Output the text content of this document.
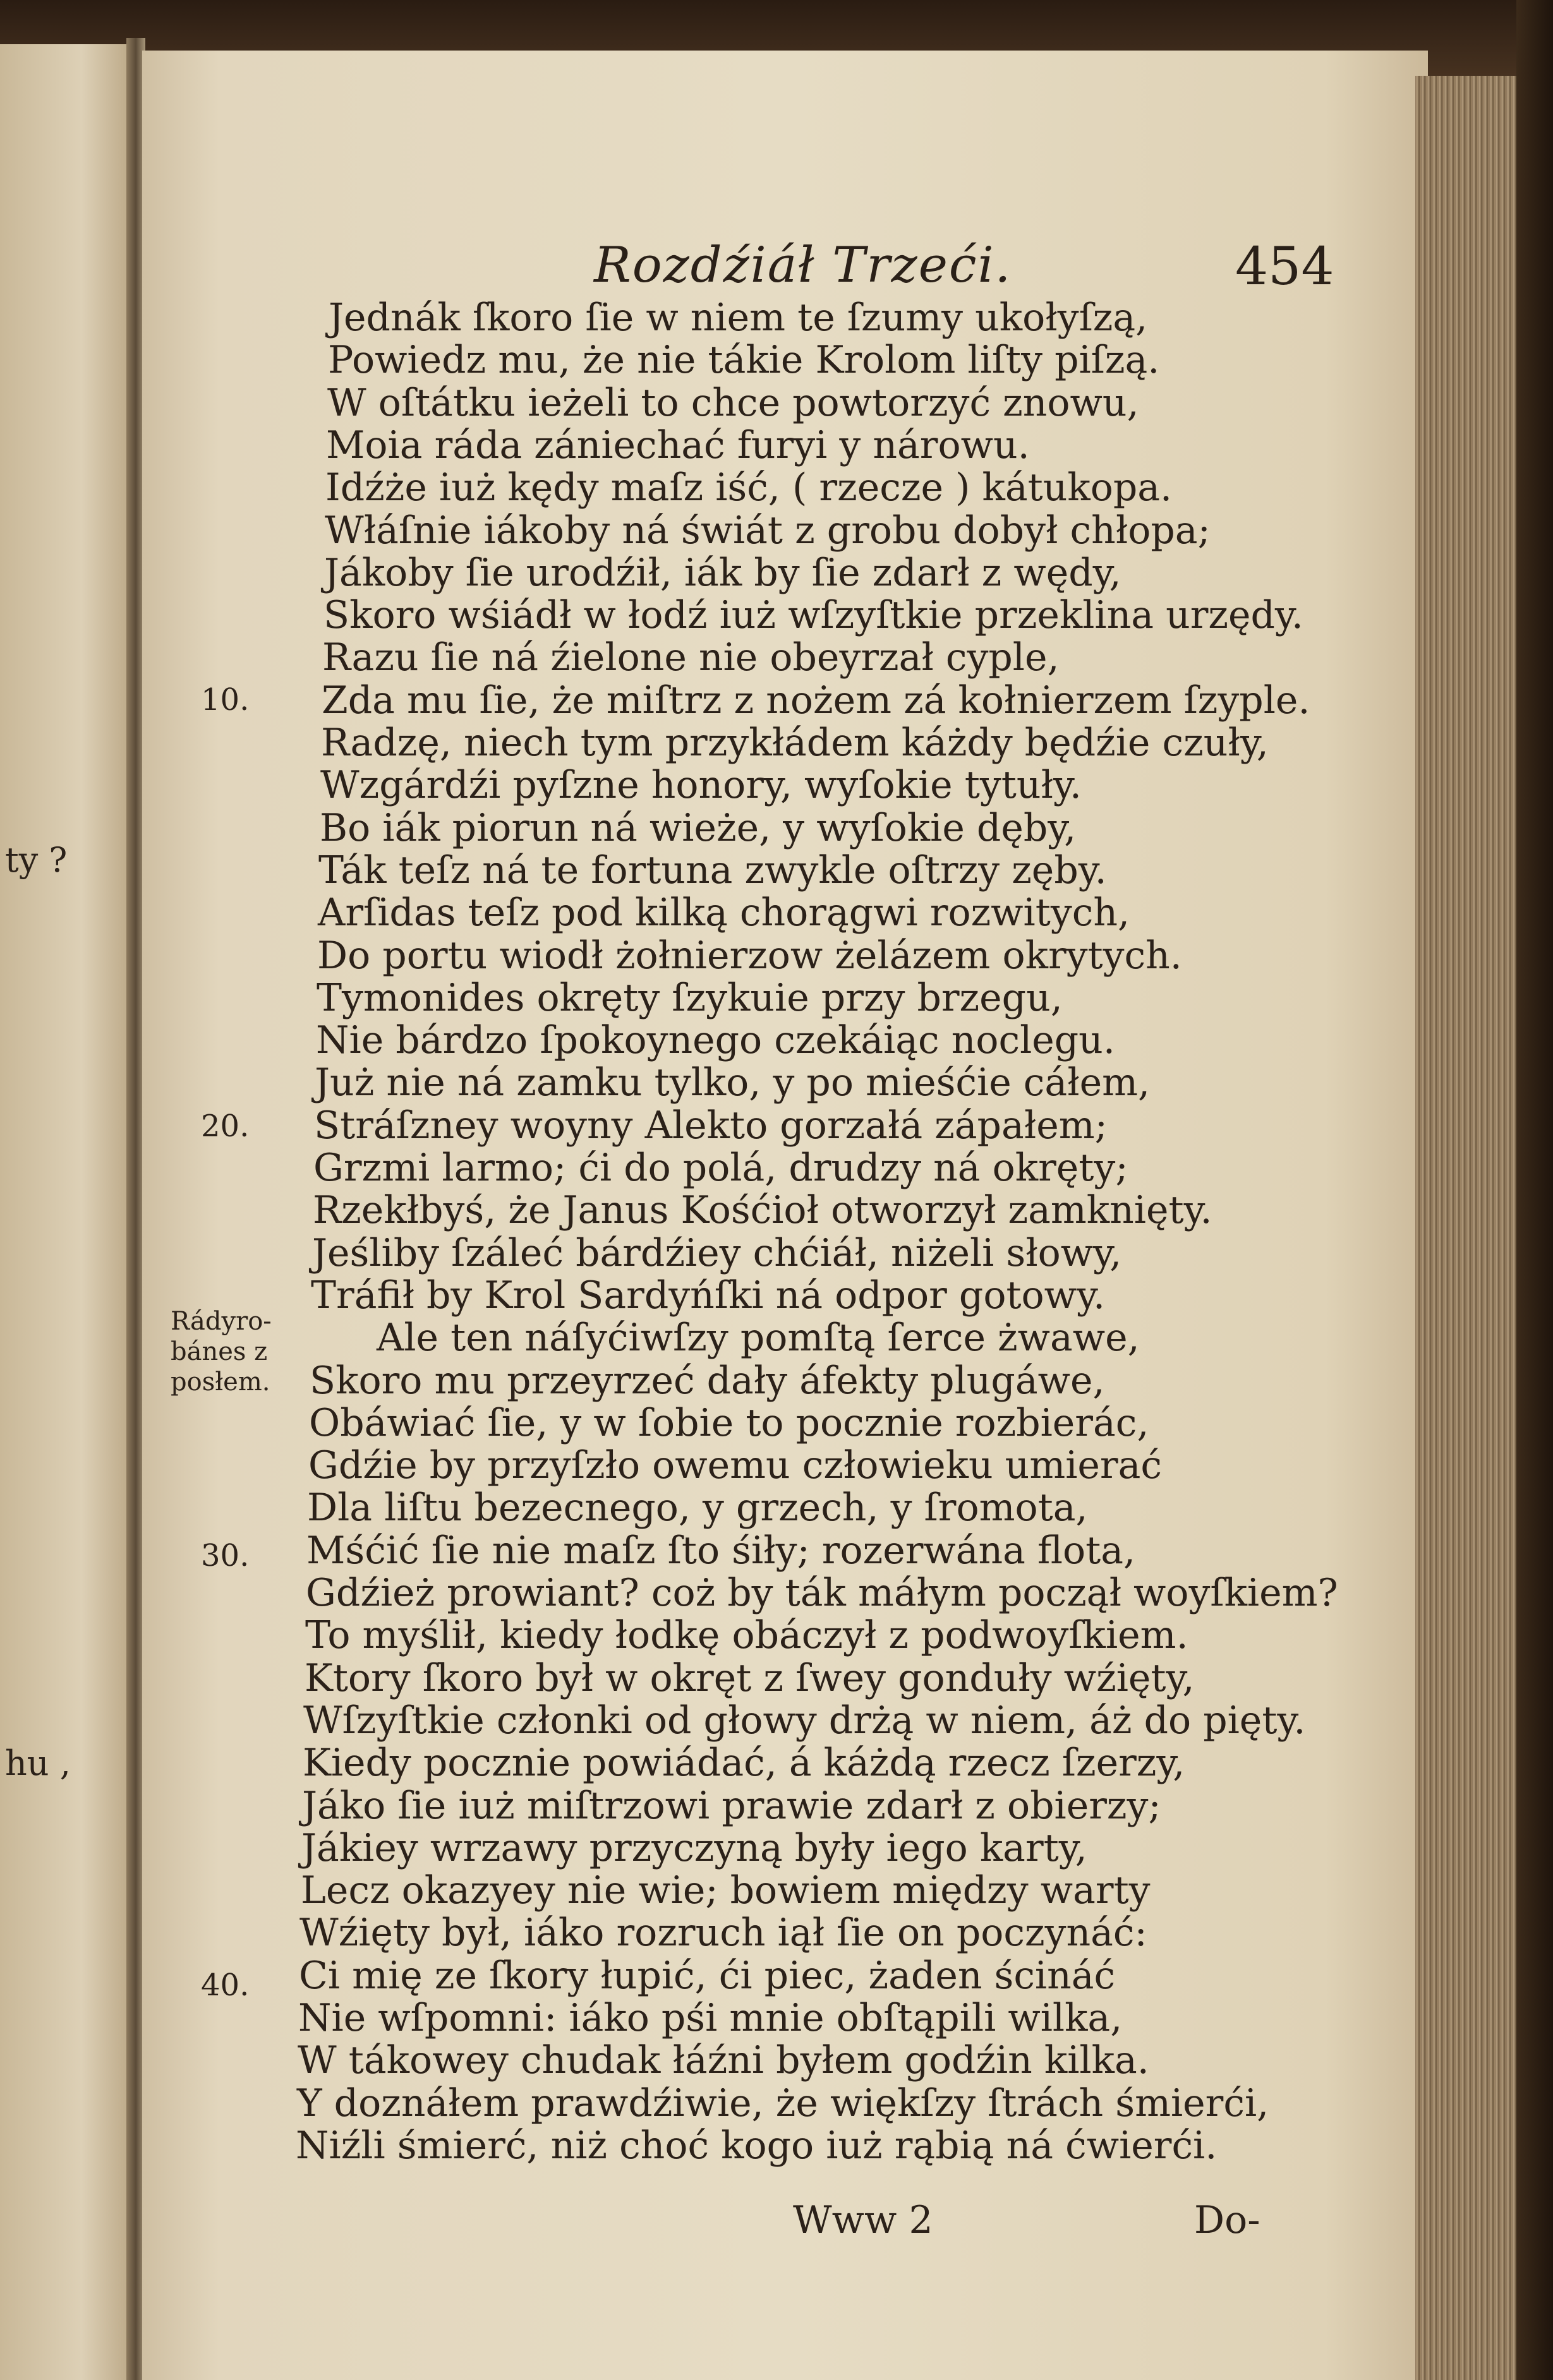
ty ?
hu ,
Rozdźiáł Trzeći.	454
10.
20.
30.
40.
Rádyro-
bánes z
posłem.
Jednák ſkoro ſie w niem te ſzumy ukołyſzą,
Powiedz mu, że nie tákie Krolom liſty piſzą.
W oſtátku ieżeli to chce powtorzyć znowu,
Moia ráda zániechać furyi y nárowu.
Idźże iuż kędy maſz iść, ( rzecze ) kátukopa.
Włáſnie iákoby ná świát z grobu dobył chłopa;
Jákoby ſie urodźił, iák by ſie zdarł z wędy,
Skoro wśiádł w łodź iuż wſzyſtkie przeklina urzędy.
Razu ſie ná źielone nie obeyrzał cyple,
Zda mu ſie, że miſtrz z nożem zá kołnierzem ſzyple.
Radzę, niech tym przykłádem káżdy będźie czuły,
Wzgárdźi pyſzne honory, wyſokie tytuły.
Bo iák piorun ná wieże, y wyſokie dęby,
Ták teſz ná te fortuna zwykle oſtrzy zęby.
Arſidas teſz pod kilką chorągwi rozwitych,
Do portu wiodł żołnierzow żelázem okrytych.
Tymonides okręty ſzykuie przy brzegu,
Nie bárdzo ſpokoynego czekáiąc noclegu.
Już nie ná zamku tylko, y po mieśćie cáłem,
Stráſzney woyny Alekto gorzałá zápałem;
Grzmi larmo; ći do polá, drudzy ná okręty;
Rzekłbyś, że Janus Kośćioł otworzył zamknięty.
Jeśliby ſzáleć bárdźiey chćiáł, niżeli słowy,
Tráfił by Krol Sardyńſki ná odpor gotowy.
Ale ten náſyćiwſzy pomſtą ſerce żwawe,
Skoro mu przeyrzeć dały áfekty plugáwe,
Obáwiać ſie, y w ſobie to pocznie rozbierác,
Gdźie by przyſzło owemu człowieku umierać
Dla liſtu bezecnego, y grzech, y ſromota,
Mśćić ſie nie maſz ſto śiły; rozerwána flota,
Gdźież prowiant? coż by ták máłym począł woyſkiem?
To myślił, kiedy łodkę obáczył z podwoyſkiem.
Ktory ſkoro był w okręt z ſwey gonduły wźięty,
Wſzyſtkie członki od głowy drżą w niem, áż do pięty.
Kiedy pocznie powiádać, á káżdą rzecz ſzerzy,
Jáko ſie iuż miſtrzowi prawie zdarł z obierzy;
Jákiey wrzawy przyczyną były iego karty,
Lecz okazyey nie wie; bowiem między warty
Wźięty był, iáko rozruch iął ſie on poczynáć:
Ci mię ze ſkory łupić, ći piec, żaden ścináć
Nie wſpomni: iáko pśi mnie obſtąpili wilka,
W tákowey chudak łáźni byłem godźin kilka.
Y doznáłem prawdźiwie, że więkſzy ſtrách śmierći,
Niźli śmierć, niż choć kogo iuż rąbią ná ćwierći.
Www 2	Do-
